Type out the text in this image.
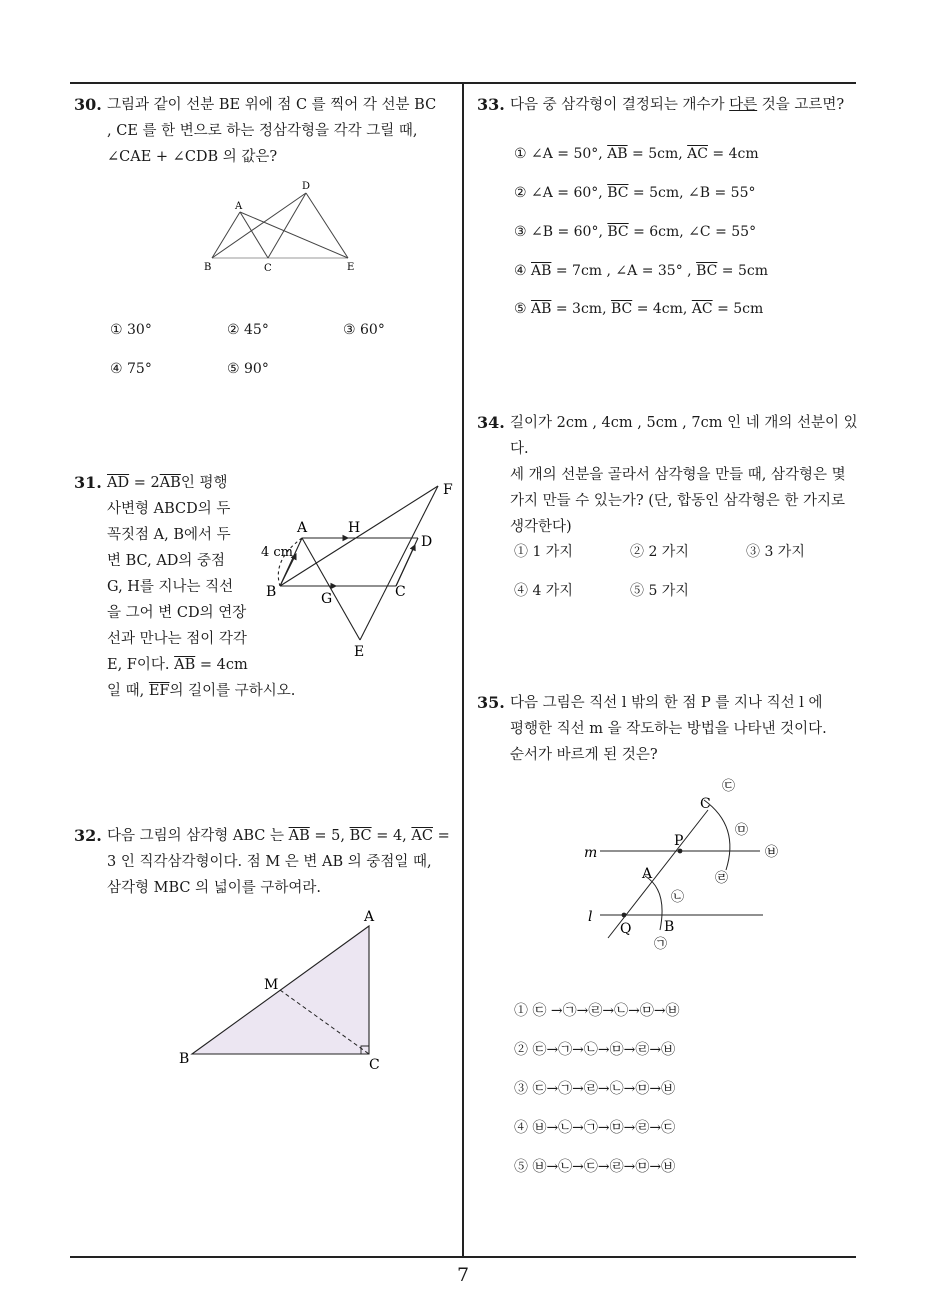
30. 그림과 같이 선분 BE 위에 점 C 를 찍어 각 선분 BC

, CE 를 한 변으로 하는 정삼각형을 각각 그릴 때,

∠CAE + ∠CDB 의 값은?

A
D
B	C	E
① 30°	② 45°	③ 60°
④ 75°	⑤ 90°
31. $\overline{AD} = 2\overline{AB}$인 평행

사변형 ABCD의 두

꼭짓점 A, B에서 두

변 BC, AD의 중점

G, H를 지나는 직선

을 그어 변 CD의 연장

선과 만나는 점이 각각

E, F이다. $\overline{AB} = 4cm$

일 때, $\overline{EF}$의 길이를 구하시오.

A	H
D
F
B	G	C
E
4 cm
32. 다음 그림의 삼각형 ABC 는 $\overline{AB} = 5$, $\overline{BC} = 4$, $\overline{AC}$ =

3 인 직각삼각형이다. 점 M 은 변 AB 의 중점일 때,

삼각형 MBC 의 넓이를 구하여라.

A
M
B	C
33. 다음 중 삼각형이 결정되는 개수가 다른 것을 고르면?

① ∠A = 50°, $\overline{AB} = 5cm$, $\overline{AC} = 4cm$
② ∠A = 60°, $\overline{BC} = 5cm$, ∠B = 55°
③ ∠B = 60°, $\overline{BC} = 6cm$, ∠C = 55°
④ $\overline{AB} = 7cm$ , ∠A = 35° , $\overline{BC} = 5cm$
⑤ $\overline{AB} = 3cm$, $\overline{BC} = 4cm$, $\overline{AC} = 5cm$
34. 길이가 2cm , 4cm , 5cm , 7cm 인 네 개의 선분이 있다.

세 개의 선분을 골라서 삼각형을 만들 때, 삼각형은 몇

가지 만들 수 있는가? (단, 합동인 삼각형은 한 가지로

생각한다)

① 1 가지	② 2 가지	③ 3 가지
④ 4 가지	⑤ 5 가지
35. 다음 그림은 직선 l 밖의 한 점 P 를 지나 직선 l 에

평행한 직선 m 을 작도하는 방법을 나타낸 것이다.

순서가 바르게 된 것은?

m
l
P
A
Q B
C
㉠
㉡
㉢
㉣
㉤
㉥
① ㉢ →㉠→㉣→㉡→㉤→㉥
② ㉢→㉠→㉡→㉤→㉣→㉥
③ ㉢→㉠→㉣→㉡→㉤→㉥
④ ㉥→㉡→㉠→㉤→㉣→㉢
⑤ ㉥→㉡→㉢→㉣→㉤→㉥
7
